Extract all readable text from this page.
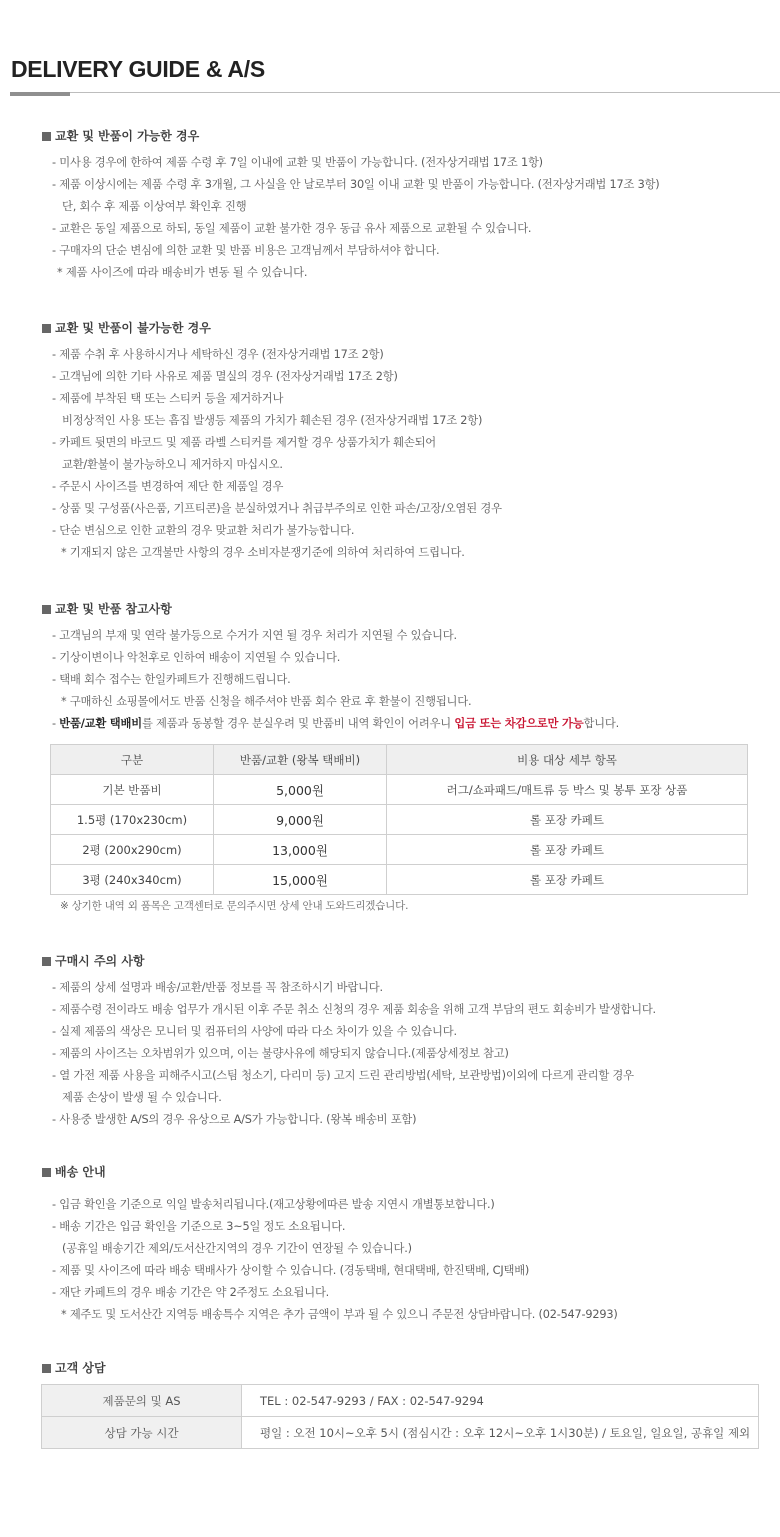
DELIVERY GUIDE & A/S
교환 및 반품이 가능한 경우
- 미사용 경우에 한하여 제품 수령 후 7일 이내에 교환 및 반품이 가능합니다. (전자상거래법 17조 1항)
- 제품 이상시에는 제품 수령 후 3개월, 그 사실을 안 날로부터 30일 이내 교환 및 반품이 가능합니다. (전자상거래법 17조 3항)
단, 회수 후 제품 이상여부 확인후 진행
- 교환은 동일 제품으로 하되, 동일 제품이 교환 불가한 경우 동급 유사 제품으로 교환될 수 있습니다.
- 구매자의 단순 변심에 의한 교환 및 반품 비용은 고객님께서 부담하셔야 합니다.
* 제품 사이즈에 따라 배송비가 변동 될 수 있습니다.
교환 및 반품이 불가능한 경우
- 제품 수취 후 사용하시거나 세탁하신 경우 (전자상거래법 17조 2항)
- 고객님에 의한 기타 사유로 제품 멸실의 경우 (전자상거래법 17조 2항)
- 제품에 부착된 택 또는 스티커 등을 제거하거나
비정상적인 사용 또는 흠집 발생등 제품의 가치가 훼손된 경우 (전자상거래법 17조 2항)
- 카페트 뒷면의 바코드 및 제품 라벨 스티커를 제거할 경우 상품가치가 훼손되어
교환/환불이 불가능하오니 제거하지 마십시오.
- 주문시 사이즈를 변경하여 제단 한 제품일 경우
- 상품 및 구성품(사은품, 기프티콘)을 분실하였거나 취급부주의로 인한 파손/고장/오염된 경우
- 단순 변심으로 인한 교환의 경우 맞교환 처리가 불가능합니다.
* 기재되지 않은 고객불만 사항의 경우 소비자분쟁기준에 의하여 처리하여 드립니다.
교환 및 반품 참고사항
- 고객님의 부재 및 연락 불가등으로 수거가 지연 될 경우 처리가 지연될 수 있습니다.
- 기상이변이나 악천후로 인하여 배송이 지연될 수 있습니다.
- 택배 회수 접수는 한일카페트가 진행해드립니다.
* 구매하신 쇼핑몰에서도 반품 신청을 해주셔야 반품 회수 완료 후 환불이 진행됩니다.
- 반품/교환 택배비를 제품과 동봉할 경우 분실우려 및 반품비 내역 확인이 어려우니 입금 또는 차감으로만 가능합니다.
구분	반품/교환 (왕복 택배비)	비용 대상 세부 항목
기본 반품비	5,000원	러그/쇼파패드/매트류 등 박스 및 봉투 포장 상품
1.5평 (170x230cm)	9,000원	롤 포장 카페트
2평 (200x290cm)	13,000원	롤 포장 카페트
3평 (240x340cm)	15,000원	롤 포장 카페트
※ 상기한 내역 외 품목은 고객센터로 문의주시면 상세 안내 도와드리겠습니다.
구매시 주의 사항
- 제품의 상세 설명과 배송/교환/반품 정보를 꼭 참조하시기 바랍니다.
- 제품수령 전이라도 배송 업무가 개시된 이후 주문 취소 신청의 경우 제품 회송을 위해 고객 부담의 편도 회송비가 발생합니다.
- 실제 제품의 색상은 모니터 및 컴퓨터의 사양에 따라 다소 차이가 있을 수 있습니다.
- 제품의 사이즈는 오차범위가 있으며, 이는 불량사유에 해당되지 않습니다.(제품상세정보 참고)
- 열 가전 제품 사용을 피해주시고(스팀 청소기, 다리미 등) 고지 드린 관리방법(세탁, 보관방법)이외에 다르게 관리할 경우
제품 손상이 발생 될 수 있습니다.
- 사용중 발생한 A/S의 경우 유상으로 A/S가 가능합니다. (왕복 배송비 포함)
배송 안내
- 입금 확인을 기준으로 익일 발송처리됩니다.(재고상황에따른 발송 지연시 개별통보합니다.)
- 배송 기간은 입금 확인을 기준으로 3~5일 정도 소요됩니다.
(공휴일 배송기간 제외/도서산간지역의 경우 기간이 연장될 수 있습니다.)
- 제품 및 사이즈에 따라 배송 택배사가 상이할 수 있습니다. (경동택배, 현대택배, 한진택배, CJ택배)
- 재단 카페트의 경우 배송 기간은 약 2주정도 소요됩니다.
* 제주도 및 도서산간 지역등 배송특수 지역은 추가 금액이 부과 될 수 있으니 주문전 상담바랍니다. (02-547-9293)
고객 상담
제품문의 및 AS	TEL : 02-547-9293 / FAX : 02-547-9294
상담 가능 시간	평일 : 오전 10시~오후 5시 (점심시간 : 오후 12시~오후 1시30분) / 토요일, 일요일, 공휴일 제외
